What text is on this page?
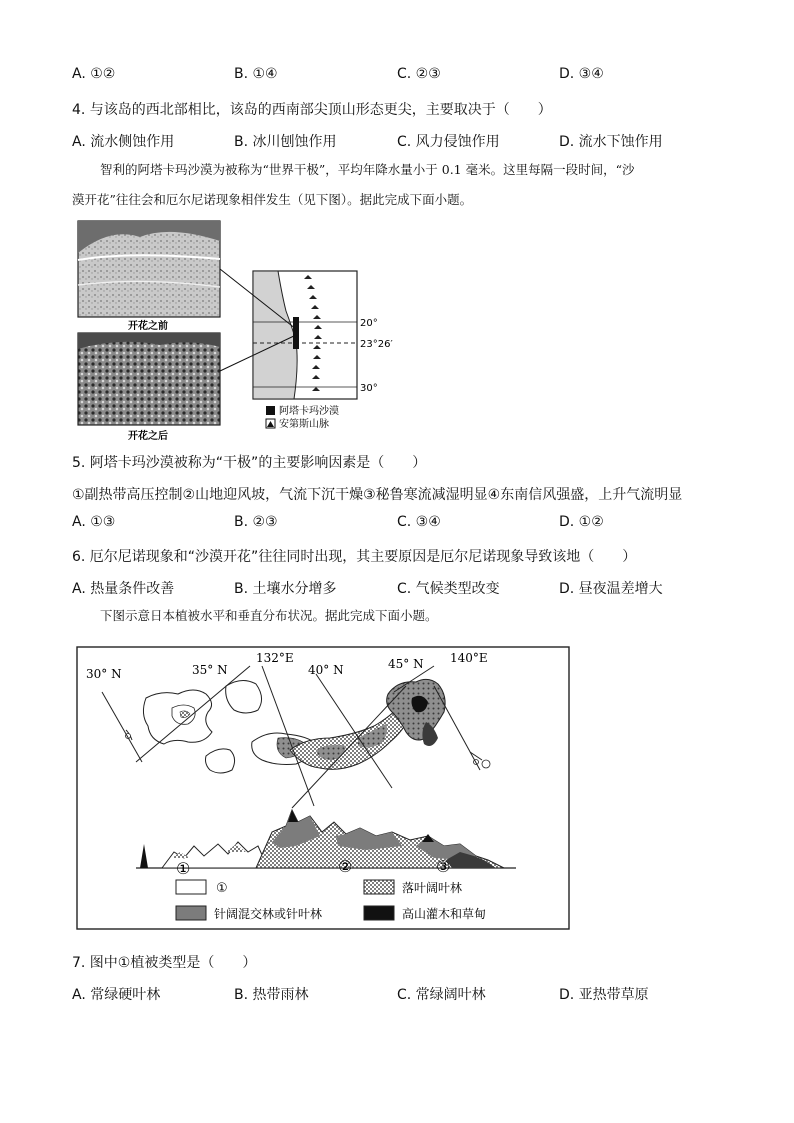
A. ①②	B. ①④	C. ②③	D. ③④
4. 与该岛的西北部相比，该岛的西南部尖顶山形态更尖，主要取决于（　　）
A. 流水侧蚀作用	B. 冰川刨蚀作用	C. 风力侵蚀作用	D. 流水下蚀作用
智利的阿塔卡玛沙漠为被称为“世界干极”，平均年降水量小于 0.1 毫米。这里每隔一段时间，“沙
漠开花”往往会和厄尔尼诺现象相伴发生（见下图）。据此完成下面小题。
开花之前
开花之后
20°
23°26′
30°
阿塔卡玛沙漠
安第斯山脉
5. 阿塔卡玛沙漠被称为“干极”的主要影响因素是（　　）
①副热带高压控制②山地迎风坡，气流下沉干燥③秘鲁寒流减湿明显④东南信风强盛，上升气流明显
A. ①③	B. ②③	C. ③④	D. ①②
6. 厄尔尼诺现象和“沙漠开花”往往同时出现，其主要原因是厄尔尼诺现象导致该地（　　）
A. 热量条件改善	B. 土壤水分增多	C. 气候类型改变	D. 昼夜温差增大
下图示意日本植被水平和垂直分布状况。据此完成下面小题。
30° N	35° N
132°E
40° N	45° N 140°E
①	②	③
①	落叶阔叶林
针阔混交林或针叶林	高山灌木和草甸
7. 图中①植被类型是（　　）
A. 常绿硬叶林	B. 热带雨林	C. 常绿阔叶林	D. 亚热带草原
